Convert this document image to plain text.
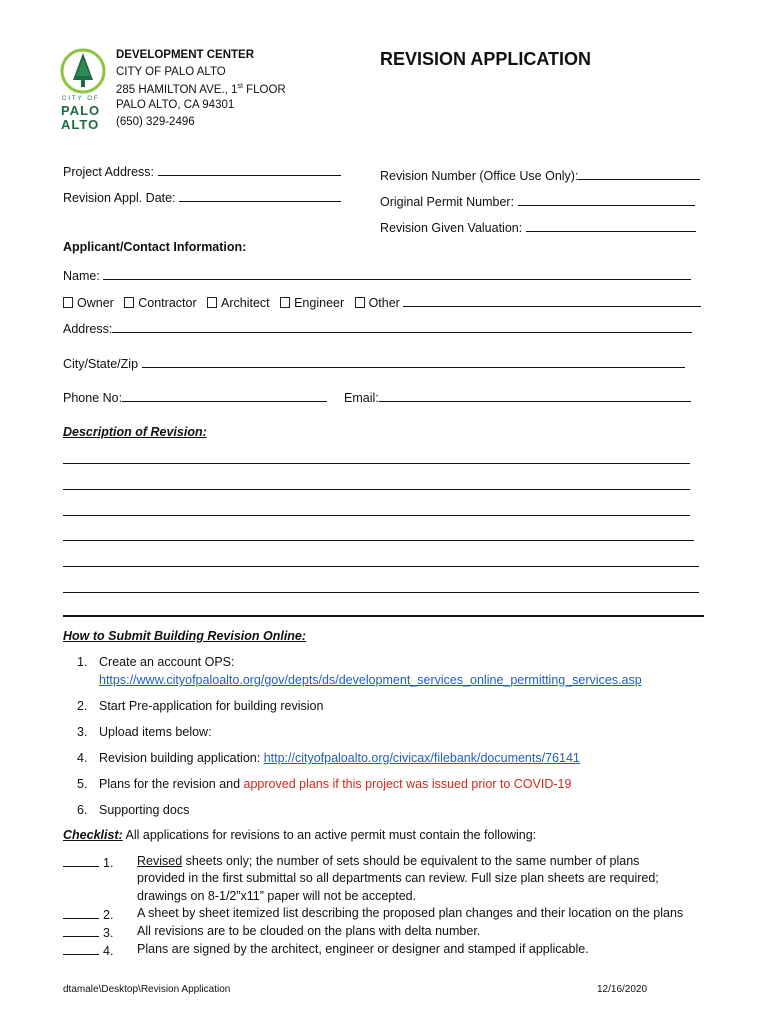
CITY OF
PALO
ALTO
DEVELOPMENT CENTER
CITY OF PALO ALTO
285 HAMILTON AVE., 1st FLOOR
PALO ALTO, CA 94301
(650) 329-2496
REVISION APPLICATION
Project Address:
Revision Appl. Date:
Revision Number (Office Use Only):
Original Permit Number:
Revision Given Valuation:
Applicant/Contact Information:
Name:
Owner Contractor Architect Engineer Other
Address:
City/State/Zip
Phone No:	Email:
Description of Revision:
How to Submit Building Revision Online:
1. Create an account OPS:
https://www.cityofpaloalto.org/gov/depts/ds/development_services_online_permitting_services.asp
2. Start Pre-application for building revision
3. Upload items below:
4. Revision building application: http://cityofpaloalto.org/civicax/filebank/documents/76141
5. Plans for the revision and approved plans if this project was issued prior to COVID-19
6. Supporting docs
Checklist: All applications for revisions to an active permit must contain the following:
1. Revised sheets only; the number of sets should be equivalent to the same number of plans
provided in the first submittal so all departments can review. Full size plan sheets are required;
drawings on 8-1/2”x11” paper will not be accepted.
2. A sheet by sheet itemized list describing the proposed plan changes and their location on the plans
3. All revisions are to be clouded on the plans with delta number.
4. Plans are signed by the architect, engineer or designer and stamped if applicable.
dtamale\Desktop\Revision Application	12/16/2020
